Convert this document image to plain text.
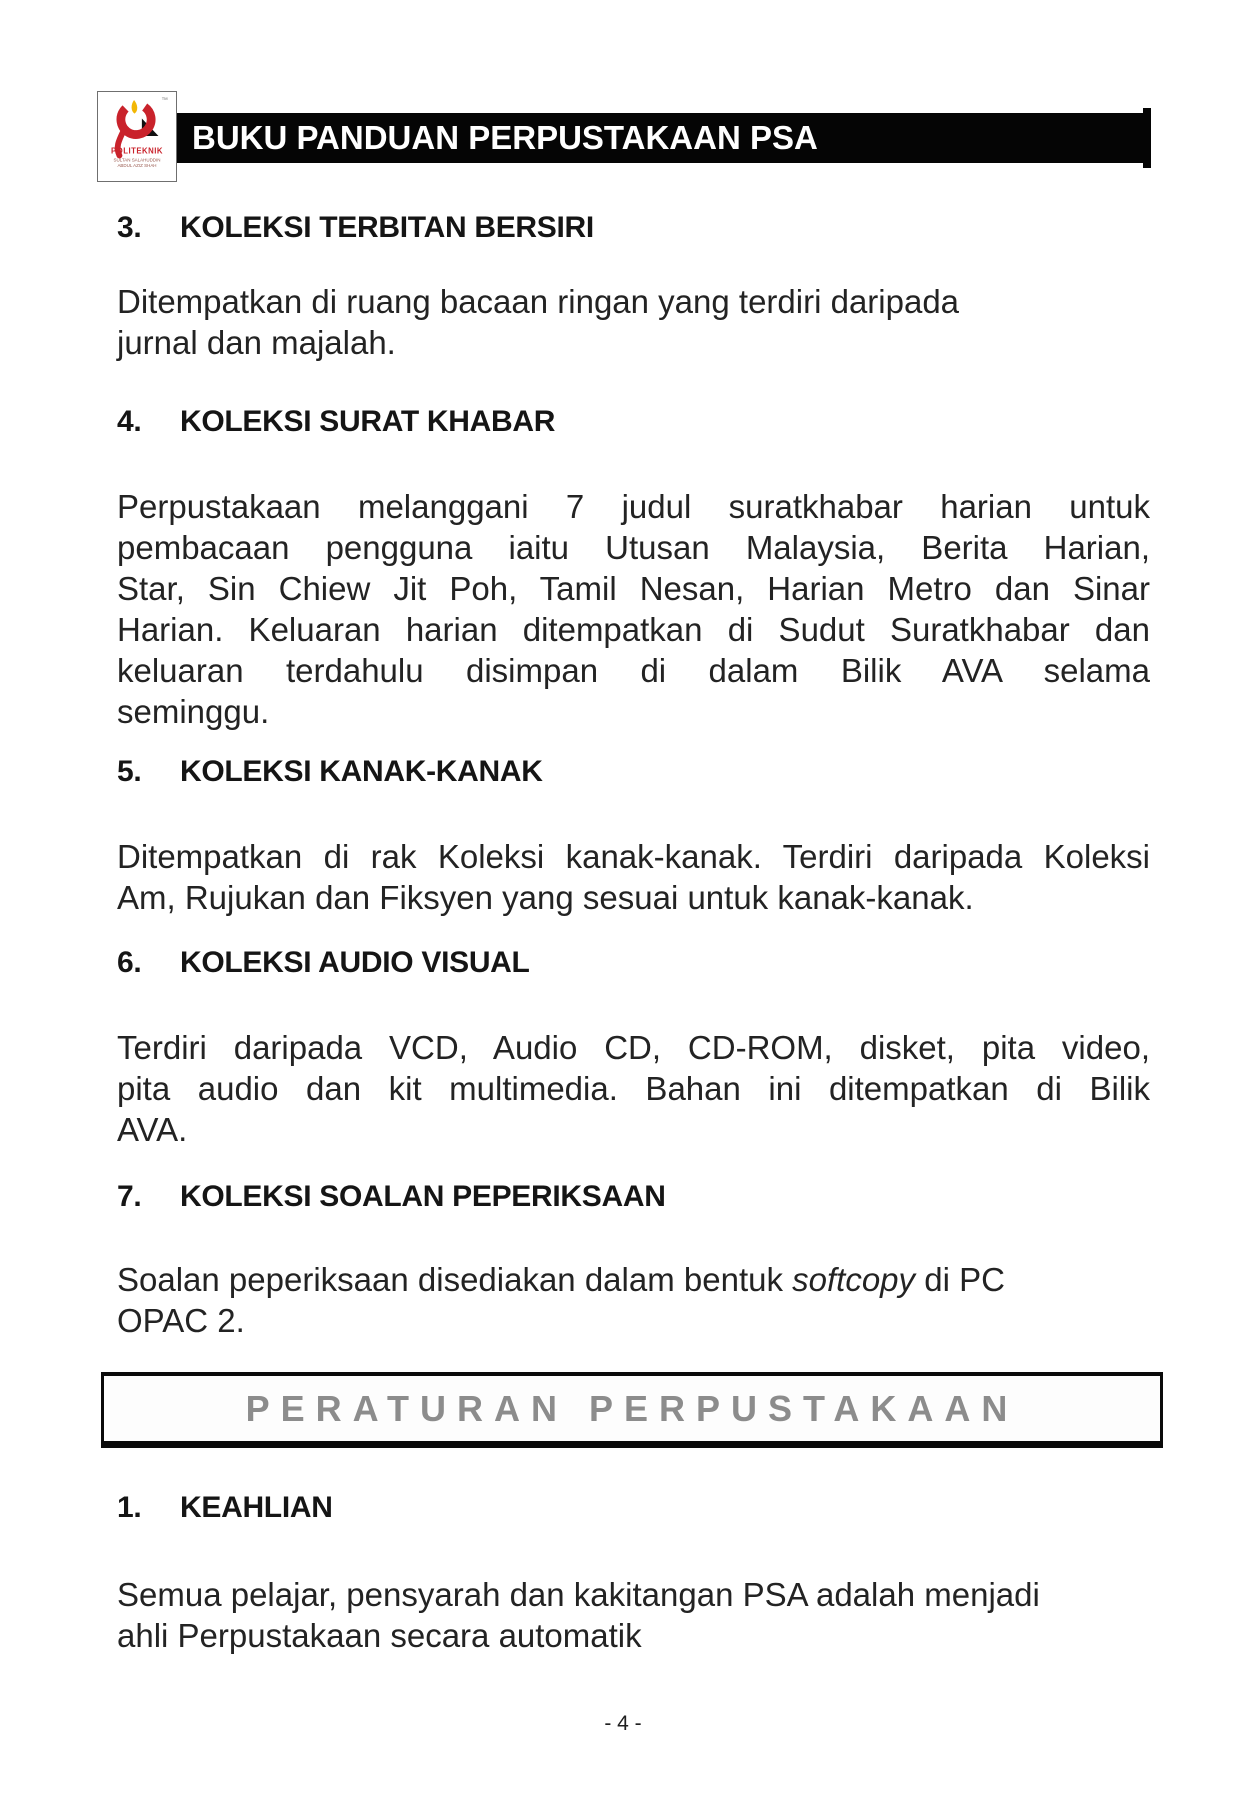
BUKU PANDUAN PERPUSTAKAAN PSA
™
POLITEKNIK
SULTAN SALAHUDDIN
ABDUL AZIZ SHAH
3. KOLEKSI TERBITAN BERSIRI
Ditempatkan di ruang bacaan ringan yang terdiri daripada
jurnal dan majalah.
4. KOLEKSI SURAT KHABAR
Perpustakaan melanggani 7 judul suratkhabar harian untuk
pembacaan pengguna iaitu Utusan Malaysia, Berita Harian,
Star, Sin Chiew Jit Poh, Tamil Nesan, Harian Metro dan Sinar
Harian. Keluaran harian ditempatkan di Sudut Suratkhabar dan
keluaran terdahulu disimpan di dalam Bilik AVA selama
seminggu.
5. KOLEKSI KANAK-KANAK
Ditempatkan di rak Koleksi kanak-kanak. Terdiri daripada Koleksi
Am, Rujukan dan Fiksyen yang sesuai untuk kanak-kanak.
6. KOLEKSI AUDIO VISUAL
Terdiri daripada VCD, Audio CD, CD-ROM, disket, pita video,
pita audio dan kit multimedia. Bahan ini ditempatkan di Bilik
AVA.
7. KOLEKSI SOALAN PEPERIKSAAN
Soalan peperiksaan disediakan dalam bentuk softcopy di PC
OPAC 2.
PERATURAN PERPUSTAKAAN
1. KEAHLIAN
Semua pelajar, pensyarah dan kakitangan PSA adalah menjadi
ahli Perpustakaan secara automatik
- 4 -
